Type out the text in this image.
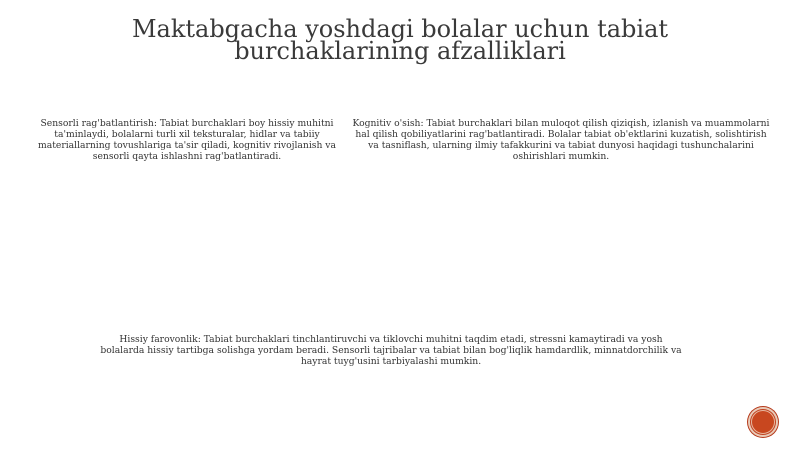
Maktabgacha yoshdagi bolalar uchun tabiat burchaklarining afzalliklari

Sensorli rag'batlantirish: Tabiat burchaklari boy hissiy muhitni ta'minlaydi, bolalarni turli xil teksturalar, hidlar va tabiiy materiallarning tovushlariga ta'sir qiladi, kognitiv rivojlanish va sensorli qayta ishlashni rag'batlantiradi.

Kognitiv o'sish: Tabiat burchaklari bilan muloqot qilish qiziqish, izlanish va muammolarni hal qilish qobiliyatlarini rag'batlantiradi. Bolalar tabiat ob'ektlarini kuzatish, solishtirish va tasniflash, ularning ilmiy tafakkurini va tabiat dunyosi haqidagi tushunchalarini oshirishlari mumkin.

Hissiy farovonlik: Tabiat burchaklari tinchlantiruvchi va tiklovchi muhitni taqdim etadi, stressni kamaytiradi va yosh bolalarda hissiy tartibga solishga yordam beradi. Sensorli tajribalar va tabiat bilan bog'liqlik hamdardlik, minnatdorchilik va hayrat tuyg'usini tarbiyalashi mumkin.
